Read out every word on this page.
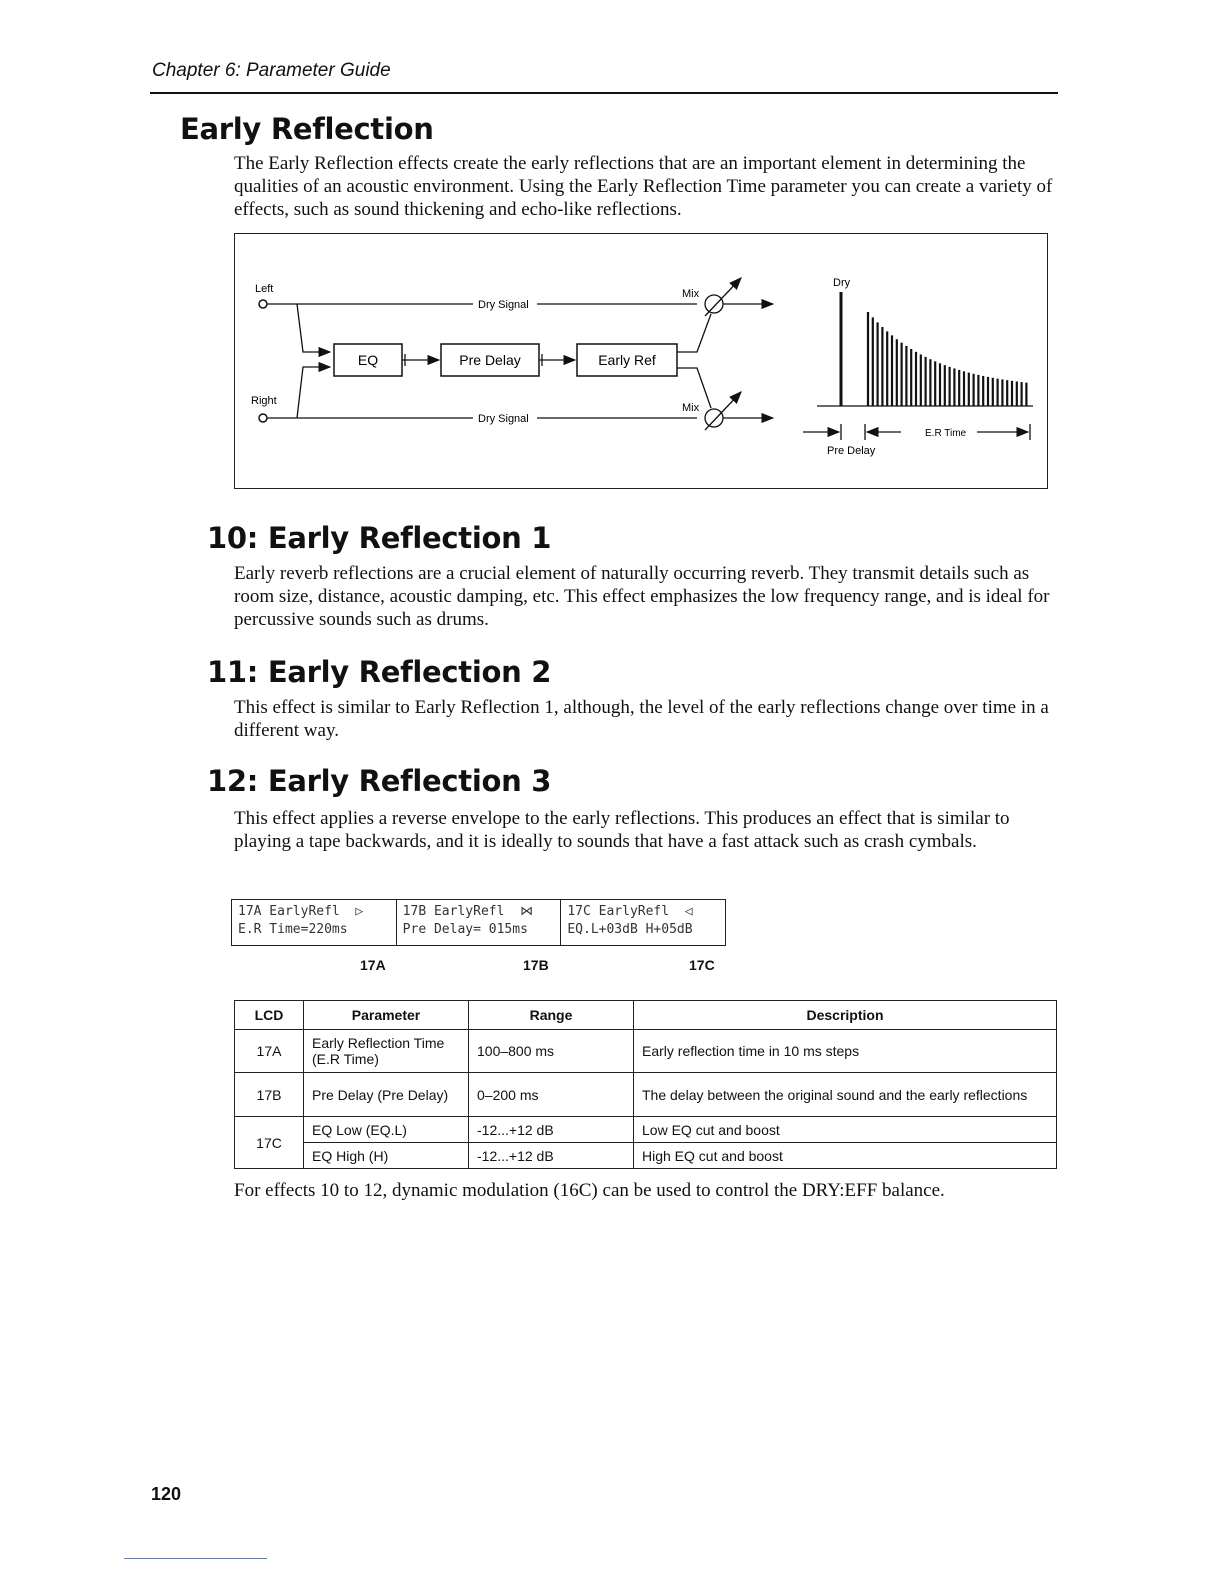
Chapter 6: Parameter Guide
Early Reflection

The Early Reflection effects create the early reflections that are an important element in determining the qualities of an acoustic environment. Using the Early Reflection Time parameter you can create a variety of effects, such as sound thickening and echo-like reflections.

Left
Right
Dry Signal
Dry Signal
EQ	Pre Delay	Early Ref
Mix
Mix
Dry
E.R Time
Pre Delay
10: Early Reflection 1

Early reverb reflections are a crucial element of naturally occurring reverb. They transmit details such as room size, distance, acoustic damping, etc. This effect emphasizes the low frequency range, and is ideal for percussive sounds such as drums.

11: Early Reflection 2

This effect is similar to Early Reflection 1, although, the level of the early reflections change over time in a different way.

12: Early Reflection 3

This effect applies a reverse envelope to the early reflections. This produces an effect that is similar to playing a tape backwards, and it is ideally to sounds that have a fast attack such as crash cymbals.

17A EarlyRefl  ▷
E.R Time=220ms
17B EarlyRefl  ⋈
Pre Delay= 015ms
17C EarlyRefl  ◁
EQ.L+03dB H+05dB
17A	17B	17C
LCD	Parameter	Range	Description
17A	Early Reflection Time (E.R Time)	100–800 ms	Early reflection time in 10 ms steps
17B	Pre Delay (Pre Delay)	0–200 ms	The delay between the original sound and the early reflections
17C	EQ Low (EQ.L)	-12...+12 dB	Low EQ cut and boost
	EQ High (H)	-12...+12 dB	High EQ cut and boost
For effects 10 to 12, dynamic modulation (16C) can be used to control the DRY:EFF balance.
120
